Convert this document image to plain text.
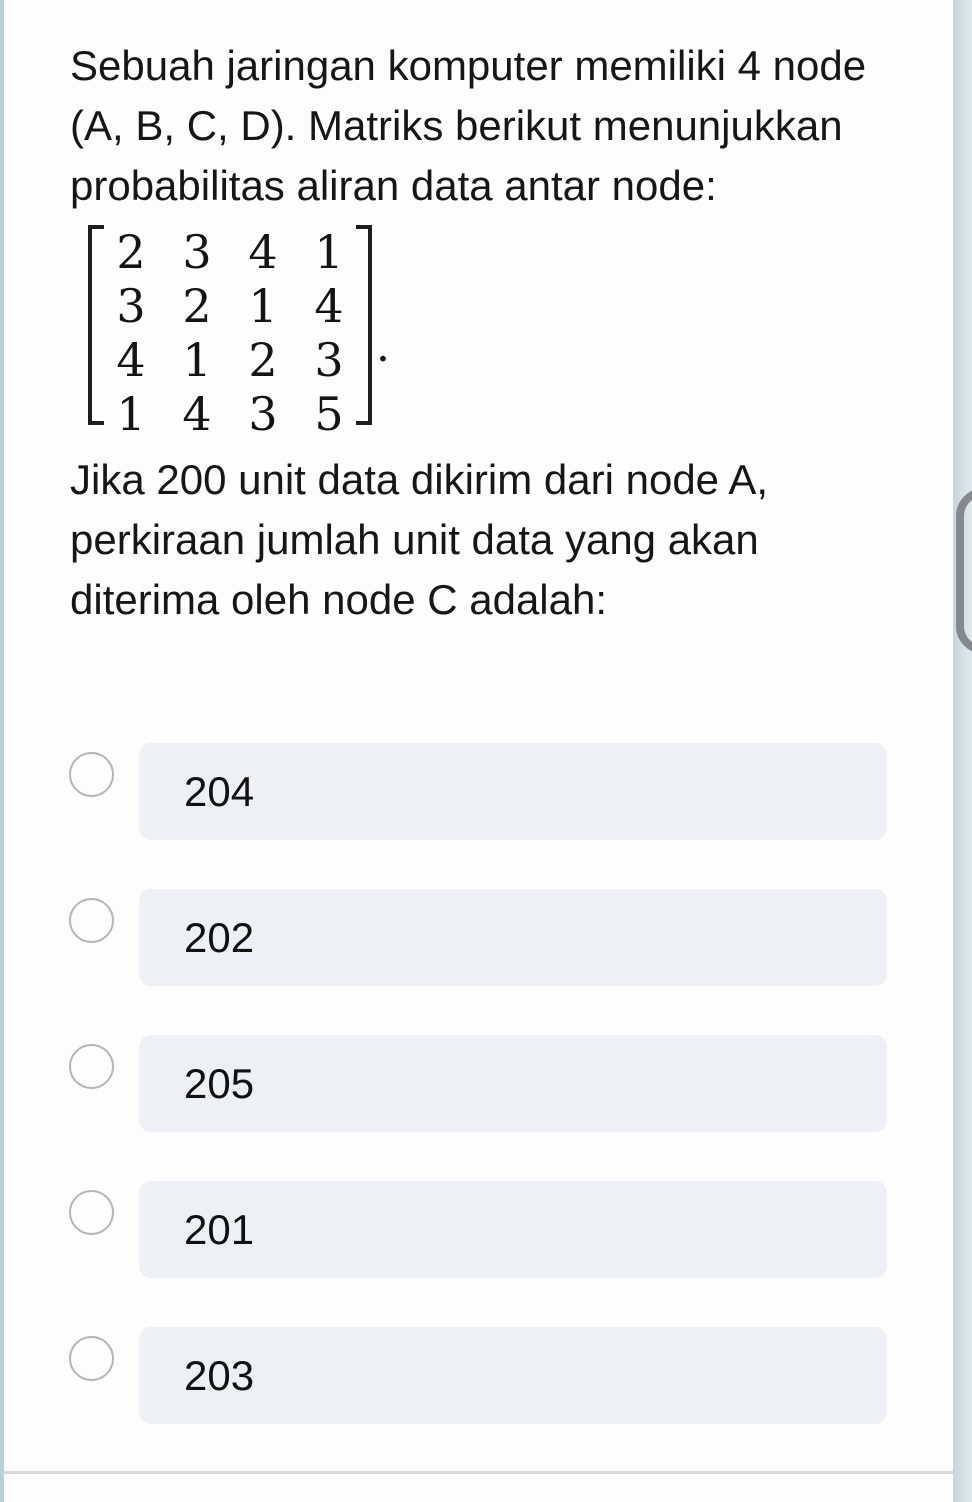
Sebuah jaringan komputer memiliki 4 node (A, B, C, D). Matriks berikut menunjukkan probabilitas aliran data antar node:
2 3 4 1
3 2 1 4
4 1 2 3
1 4 3 5
.
Jika 200 unit data dikirim dari node A, perkiraan jumlah unit data yang akan diterima oleh node C adalah:
204
202
205
201
203
